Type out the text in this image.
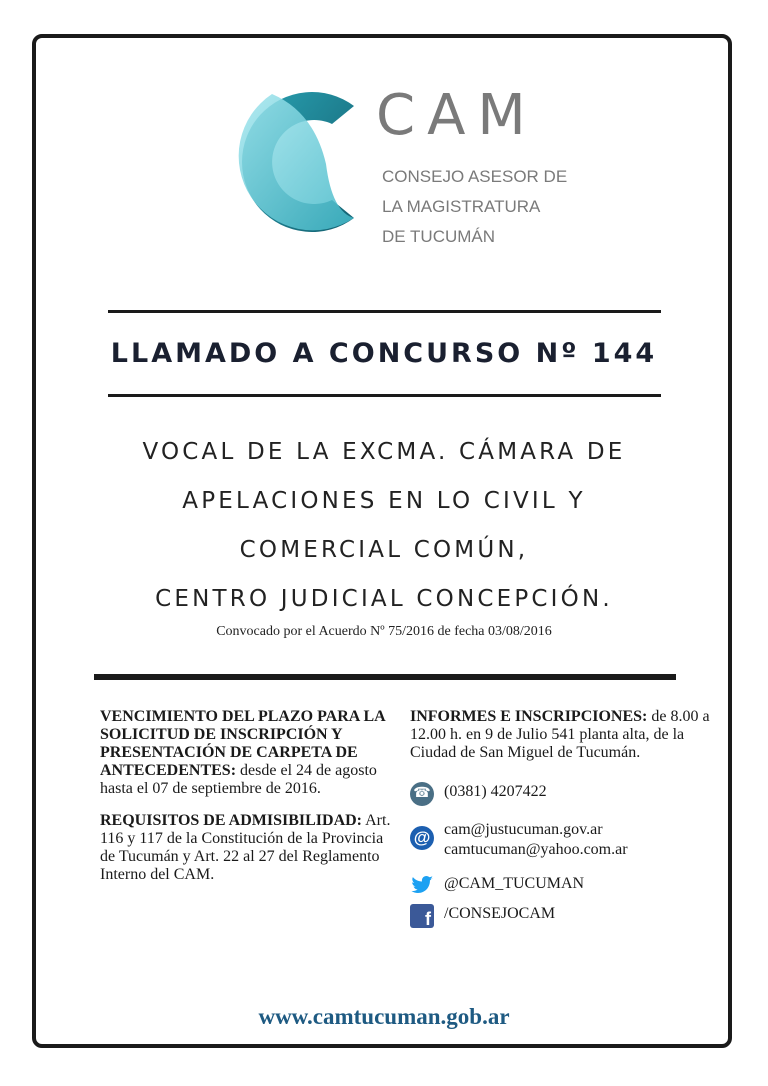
CAM
CONSEJO ASESOR DE
LA MAGISTRATURA
DE TUCUMÁN
LLAMADO A CONCURSO Nº 144
VOCAL DE LA EXCMA. CÁMARA DE
APELACIONES EN LO CIVIL Y
COMERCIAL COMÚN,
CENTRO JUDICIAL CONCEPCIÓN.
Convocado por el Acuerdo Nº 75/2016 de fecha 03/08/2016
VENCIMIENTO DEL PLAZO PARA LA SOLICITUD DE INSCRIPCIÓN Y PRESENTACIÓN DE CARPETA DE ANTECEDENTES: desde el 24 de agosto hasta el 07 de septiembre de 2016.
REQUISITOS DE ADMISIBILIDAD: Art. 116 y 117 de la Constitución de la Provincia de Tucumán y Art. 22 al 27 del Reglamento Interno del CAM.
INFORMES E INSCRIPCIONES: de 8.00 a 12.00 h. en 9 de Julio 541 planta alta, de la Ciudad de San Miguel de Tucumán.
☎ (0381) 4207422
@ cam@justucuman.gov.ar
camtucuman@yahoo.com.ar
@CAM_TUCUMAN
f /CONSEJOCAM
www.camtucuman.gob.ar
